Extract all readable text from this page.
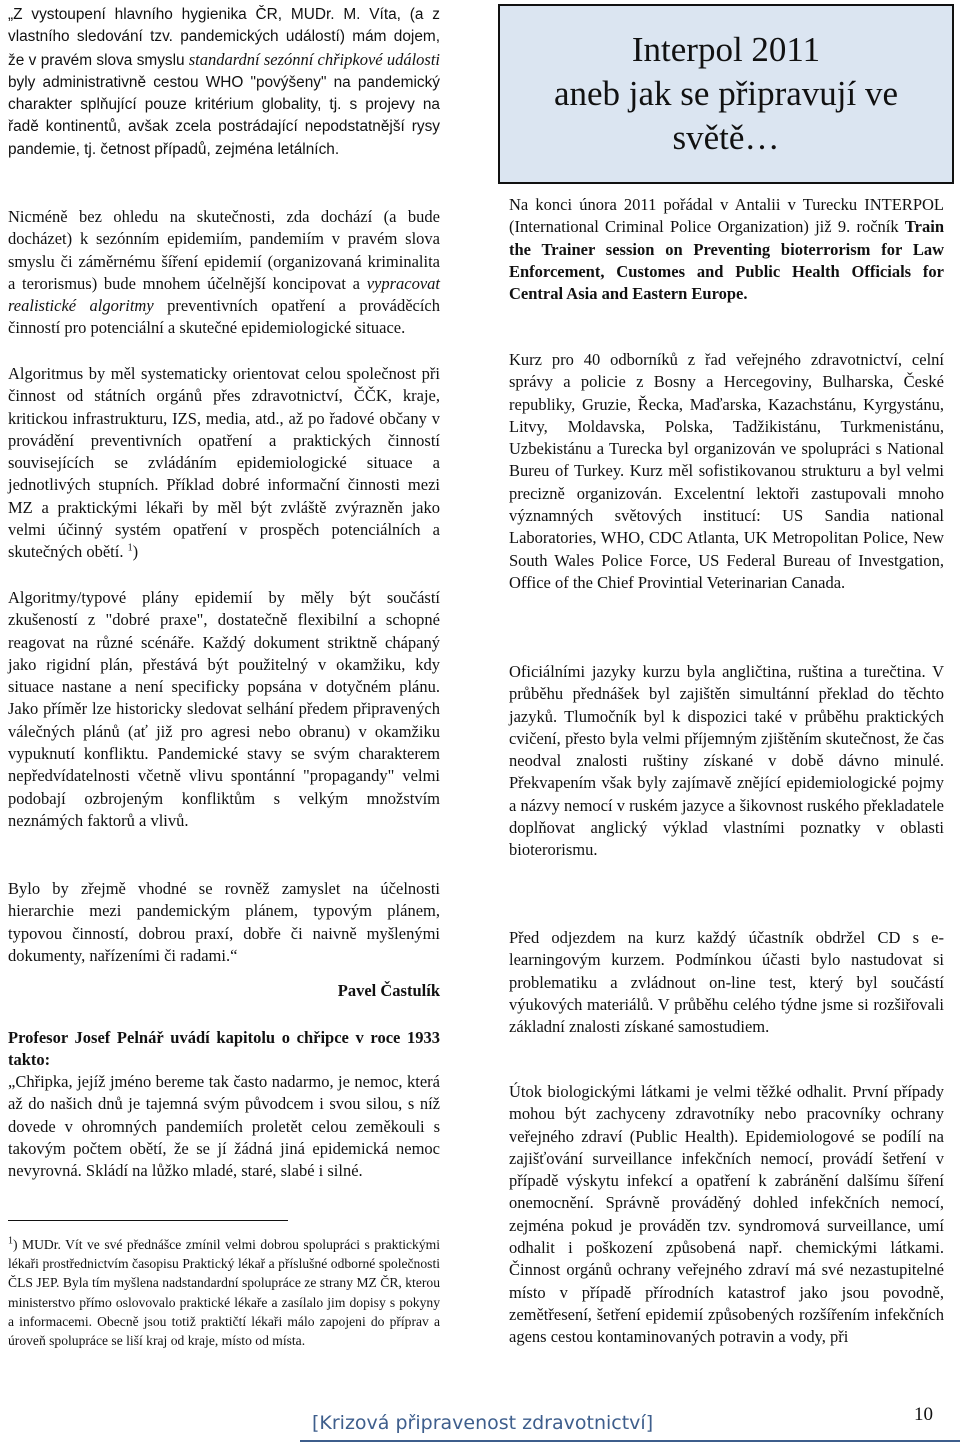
„Z vystoupení hlavního hygienika ČR, MUDr. M. Víta, (a z vlastního sledování tzv. pandemických událostí) mám dojem, že v pravém slova smyslu standardní sezónní chřipkové události byly administrativně cestou WHO "povýšeny" na pandemický charakter splňující pouze kritérium globality, tj. s projevy na řadě kontinentů, avšak zcela postrádající nepodstatnější rysy pandemie, tj. četnost případů, zejména letálních.
Nicméně bez ohledu na skutečnosti, zda dochází (a bude docházet) k sezónním epidemiím, pandemiím v pravém slova smyslu či záměrnému šíření epidemií (organizovaná kriminalita a terorismus) bude mnohem účelnější koncipovat a vypracovat realistické algoritmy preventivních opatření a prováděcích činností pro potenciální a skutečné epidemiologické situace.
Algoritmus by měl systematicky orientovat celou společnost při činnost od státních orgánů přes zdravotnictví, ČČK, kraje, kritickou infrastrukturu, IZS, media, atd., až po řadové občany v provádění preventivních opatření a praktických činností souvisejících se zvládáním epidemiologické situace a jednotlivých stupních. Příklad dobré informační činnosti mezi MZ a praktickými lékaři by měl být zvláště zvýrazněn jako velmi účinný systém opatření v prospěch potenciálních a skutečných obětí. $^1$)

Algoritmy/typové plány epidemií by měly být součástí zkušeností z "dobré praxe", dostatečně flexibilní a schopné reagovat na různé scénáře. Každý dokument striktně chápaný jako rigidní plán, přestává být použitelný v okamžiku, kdy situace nastane a není specificky popsána v dotyčném plánu. Jako příměr lze historicky sledovat selhání předem připravených válečných plánů (ať již pro agresi nebo obranu) v okamžiku vypuknutí konfliktu. Pandemické stavy se svým charakterem nepředvídatelnosti včetně vlivu spontánní "propagandy" velmi podobají ozbrojeným konfliktům s velkým množstvím neznámých faktorů a vlivů.

Bylo by zřejmě vhodné se rovněž zamyslet na účelnosti hierarchie mezi pandemickým plánem, typovým plánem, typovou činností, dobrou praxí, dobře či naivně myšlenými dokumenty, nařízeními či radami.“

Pavel Častulík

Profesor Josef Pelnář uvádí kapitolu o chřipce v roce 1933 takto:

„Chřipka, jejíž jméno bereme tak často nadarmo, je nemoc, která až do našich dnů je tajemná svým původcem i svou silou, s níž dovede v ohromných pandemiích proletět celou zeměkouli s takovým počtem obětí, že se jí žádná jiná epidemická nemoc nevyrovná. Skládí na lůžko mladé, staré, slabé i silné.

$^1$) MUDr. Vít ve své přednášce zmínil velmi dobrou spolupráci s praktickými lékaři prostřednictvím časopisu Praktický lékař a příslušné odborné společnosti ČLS JEP. Byla tím myšlena nadstandardní spolupráce ze strany MZ ČR, kterou ministerstvo přímo oslovovalo praktické lékaře a zasílalo jim dopisy s pokyny a informacemi. Obecně jsou totiž praktičtí lékaři málo zapojeni do příprav a úroveň spolupráce se liší kraj od kraje, místo od místa.
Interpol 2011
aneb jak se připravují ve světě…
Na konci února 2011 pořádal v Antalii v Turecku INTERPOL (International Criminal Police Organization) již 9. ročník Train the Trainer session on Preventing bioterrorism for Law Enforcement, Customes and Public Health Officials for Central Asia and Eastern Europe.

Kurz pro 40 odborníků z řad veřejného zdravotnictví, celní správy a policie z Bosny a Hercegoviny, Bulharska, České republiky, Gruzie, Řecka, Maďarska, Kazachstánu, Kyrgystánu, Litvy, Moldavska, Polska, Tadžikistánu, Turkmenistánu, Uzbekistánu a Turecka byl organizován ve spolupráci s National Bureu of Turkey. Kurz měl sofistikovanou strukturu a byl velmi precizně organizován. Excelentní lektoři zastupovali mnoho významných světových institucí: US Sandia national Laboratories, WHO, CDC Atlanta, UK Metropolitan Police, New South Wales Police Force, US Federal Bureau of Investgation, Office of the Chief Provintial Veterinarian Canada.

Oficiálními jazyky kurzu byla angličtina, ruština a turečtina. V průběhu přednášek byl zajištěn simultánní překlad do těchto jazyků. Tlumočník byl k dispozici také v průběhu praktických cvičení, přesto byla velmi příjemným zjištěním skutečnost, že čas neodval znalosti ruštiny získané v době dávno minulé. Překvapením však byly zajímavě znějící epidemiologické pojmy a názvy nemocí v ruském jazyce a šikovnost ruského překladatele doplňovat anglický výklad vlastními poznatky v oblasti bioterorismu.

Před odjezdem na kurz každý účastník obdržel CD s e-learningovým kurzem. Podmínkou účasti bylo nastudovat si problematiku a zvládnout on-line test, který byl součástí výukových materiálů. V průběhu celého týdne jsme si rozšiřovali základní znalosti získané samostudiem.

Útok biologickými látkami je velmi těžké odhalit. První případy mohou být zachyceny zdravotníky nebo pracovníky ochrany veřejného zdraví (Public Health). Epidemiologové se podílí na zajišťování surveillance infekčních nemocí, provádí šetření v případě výskytu infekcí a opatření k zabránění dalšímu šíření onemocnění. Správně prováděný dohled infekčních nemocí, zejména pokud je prováděn tzv. syndromová surveillance, umí odhalit i poškození způsobená např. chemickými látkami. Činnost orgánů ochrany veřejného zdraví má své nezastupitelné místo v případě přírodních katastrof jako jsou povodně, zemětřesení, šetření epidemií způsobených rozšířením infekčních agens cestou kontaminovaných potravin a vody, při

[Krizová připravenost zdravotnictví]	10
